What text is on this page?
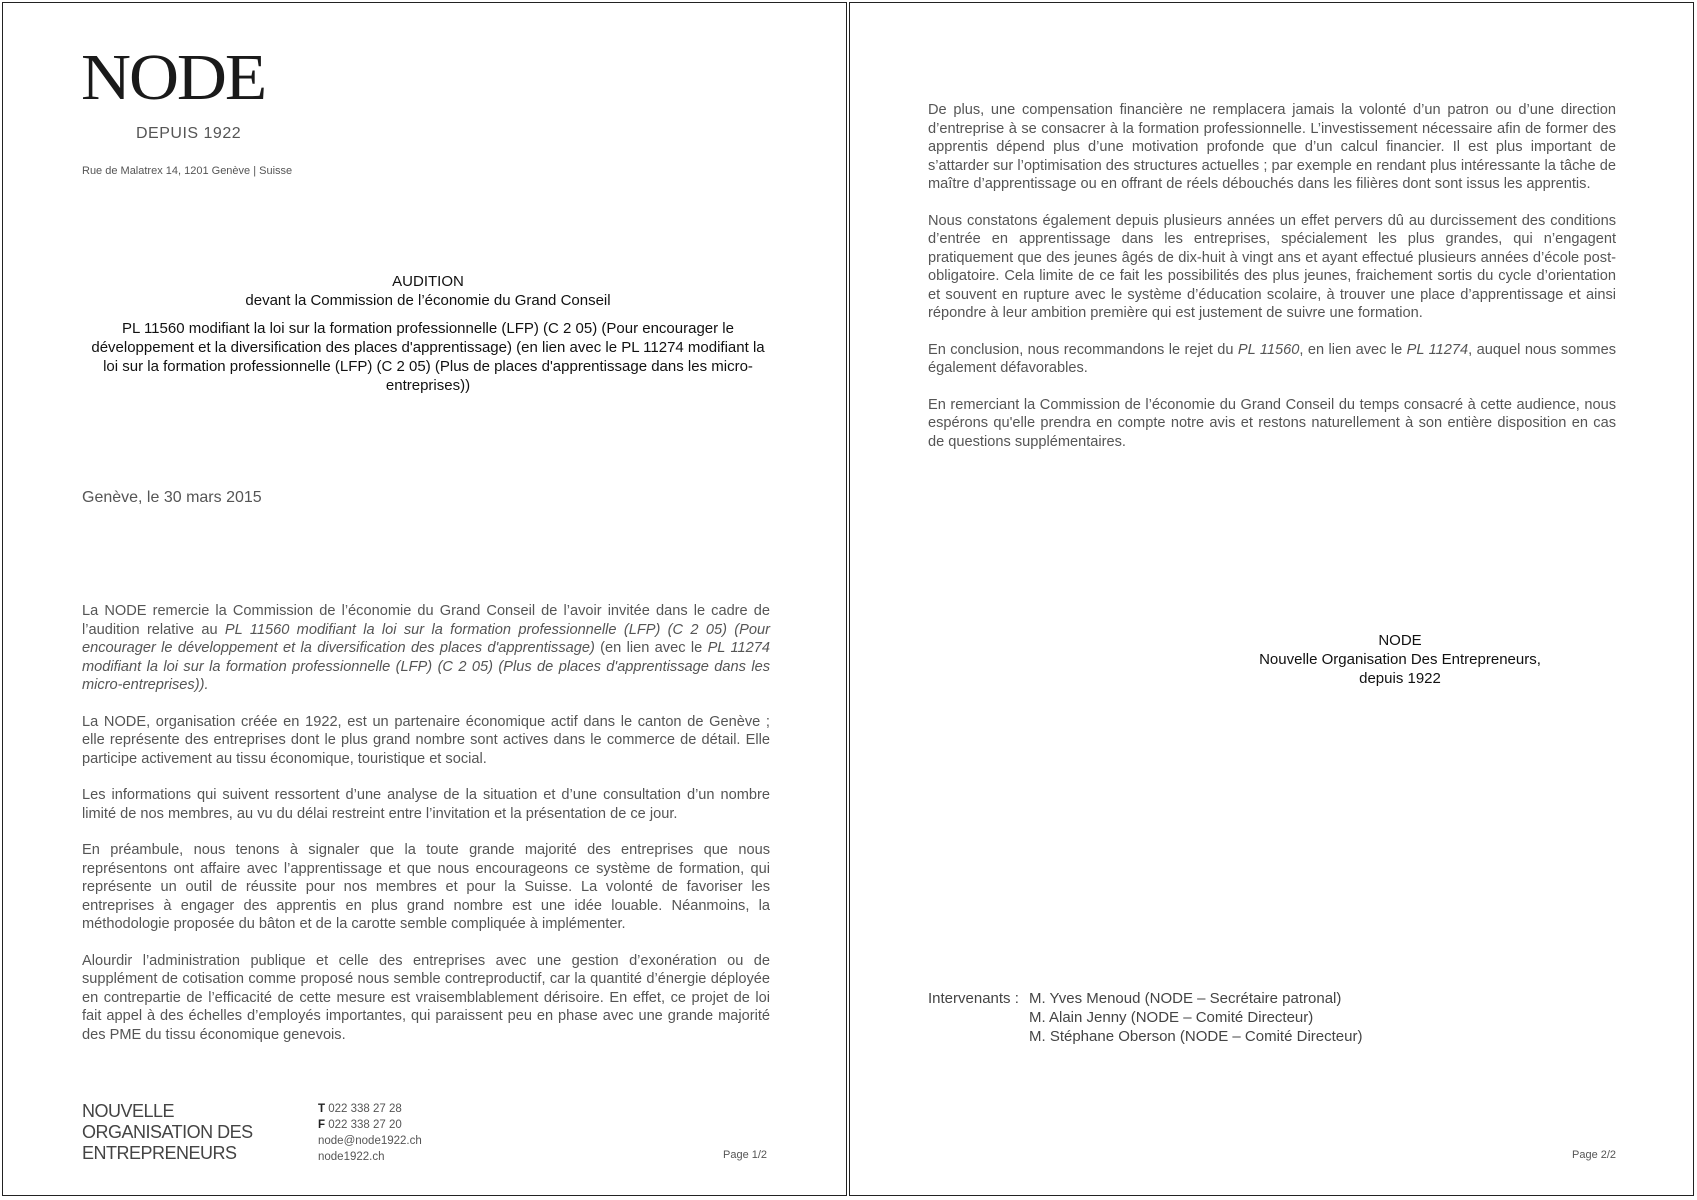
NODE
DEPUIS 1922
Rue de Malatrex 14, 1201 Genève | Suisse
AUDITION
devant la Commission de l’économie du Grand Conseil
PL 11560 modifiant la loi sur la formation professionnelle (LFP) (C 2 05) (Pour encourager le développement et la diversification des places d'apprentissage) (en lien avec le PL 11274 modifiant la loi sur la formation professionnelle (LFP) (C 2 05) (Plus de places d'apprentissage dans les micro-entreprises))
Genève, le 30 mars 2015

La NODE remercie la Commission de l’économie du Grand Conseil de l’avoir invitée dans le cadre de l’audition relative au PL 11560 modifiant la loi sur la formation professionnelle (LFP) (C 2 05) (Pour encourager le développement et la diversification des places d'apprentissage) (en lien avec le PL 11274 modifiant la loi sur la formation professionnelle (LFP) (C 2 05) (Plus de places d'apprentissage dans les micro-entreprises)).

La NODE, organisation créée en 1922, est un partenaire économique actif dans le canton de Genève ; elle représente des entreprises dont le plus grand nombre sont actives dans le commerce de détail. Elle participe activement au tissu économique, touristique et social.

Les informations qui suivent ressortent d’une analyse de la situation et d’une consultation d’un nombre limité de nos membres, au vu du délai restreint entre l’invitation et la présentation de ce jour.

En préambule, nous tenons à signaler que la toute grande majorité des entreprises que nous représentons ont affaire avec l’apprentissage et que nous encourageons ce système de formation, qui représente un outil de réussite pour nos membres et pour la Suisse. La volonté de favoriser les entreprises à engager des apprentis en plus grand nombre est une idée louable. Néanmoins, la méthodologie proposée du bâton et de la carotte semble compliquée à implémenter.

Alourdir l’administration publique et celle des entreprises avec une gestion d’exonération ou de supplément de cotisation comme proposé nous semble contreproductif, car la quantité d’énergie déployée en contrepartie de l’efficacité de cette mesure est vraisemblablement dérisoire. En effet, ce projet de loi fait appel à des échelles d’employés importantes, qui paraissent peu en phase avec une grande majorité des PME du tissu économique genevois.

NOUVELLE
ORGANISATION DES
ENTREPRENEURS
T 022 338 27 28
F 022 338 27 20
node@node1922.ch
node1922.ch	Page 1/2

De plus, une compensation financière ne remplacera jamais la volonté d’un patron ou d’une direction d’entreprise à se consacrer à la formation professionnelle. L’investissement nécessaire afin de former des apprentis dépend plus d’une motivation profonde que d’un calcul financier. Il est plus important de s’attarder sur l’optimisation des structures actuelles ; par exemple en rendant plus intéressante la tâche de maître d’apprentissage ou en offrant de réels débouchés dans les filières dont sont issus les apprentis.

Nous constatons également depuis plusieurs années un effet pervers dû au durcissement des conditions d’entrée en apprentissage dans les entreprises, spécialement les plus grandes, qui n’engagent pratiquement que des jeunes âgés de dix-huit à vingt ans et ayant effectué plusieurs années d’école post-obligatoire. Cela limite de ce fait les possibilités des plus jeunes, fraichement sortis du cycle d’orientation et souvent en rupture avec le système d’éducation scolaire, à trouver une place d’apprentissage et ainsi répondre à leur ambition première qui est justement de suivre une formation.

En conclusion, nous recommandons le rejet du PL 11560, en lien avec le PL 11274, auquel nous sommes également défavorables.

En remerciant la Commission de l’économie du Grand Conseil du temps consacré à cette audience, nous espérons qu'elle prendra en compte notre avis et restons naturellement à son entière disposition en cas de questions supplémentaires.

NODE
Nouvelle Organisation Des Entrepreneurs,
depuis 1922
Intervenants : M. Yves Menoud (NODE – Secrétaire patronal)
M. Alain Jenny (NODE – Comité Directeur)
M. Stéphane Oberson (NODE – Comité Directeur)
Page 2/2
